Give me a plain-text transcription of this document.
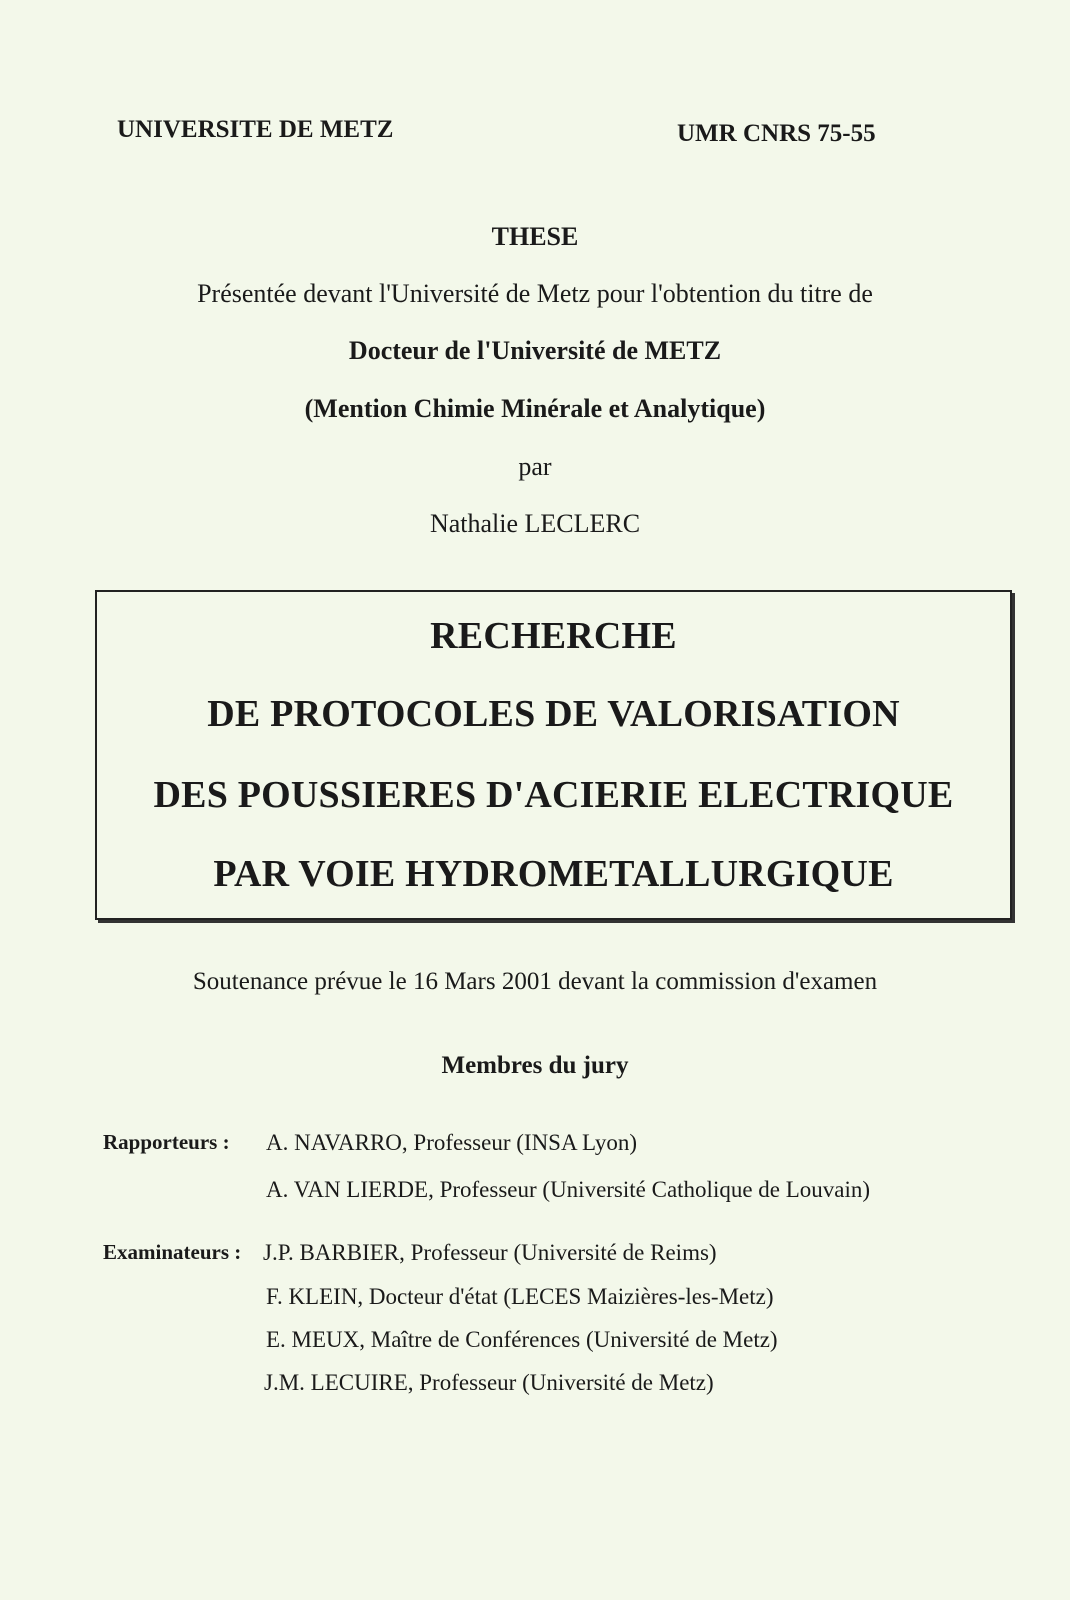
UNIVERSITE DE METZ	UMR CNRS 75-55
THESE
Présentée devant l'Université de Metz pour l'obtention du titre de
Docteur de l'Université de METZ
(Mention Chimie Minérale et Analytique)
par
Nathalie LECLERC
RECHERCHE
DE PROTOCOLES DE VALORISATION
DES POUSSIERES D'ACIERIE ELECTRIQUE
PAR VOIE HYDROMETALLURGIQUE
Soutenance prévue le 16 Mars 2001 devant la commission d'examen
Membres du jury
Rapporteurs : A. NAVARRO, Professeur (INSA Lyon)
A. VAN LIERDE, Professeur (Université Catholique de Louvain)
Examinateurs : J.P. BARBIER, Professeur (Université de Reims)
F. KLEIN, Docteur d'état (LECES Maizières-les-Metz)
E. MEUX, Maître de Conférences (Université de Metz)
J.M. LECUIRE, Professeur (Université de Metz)
